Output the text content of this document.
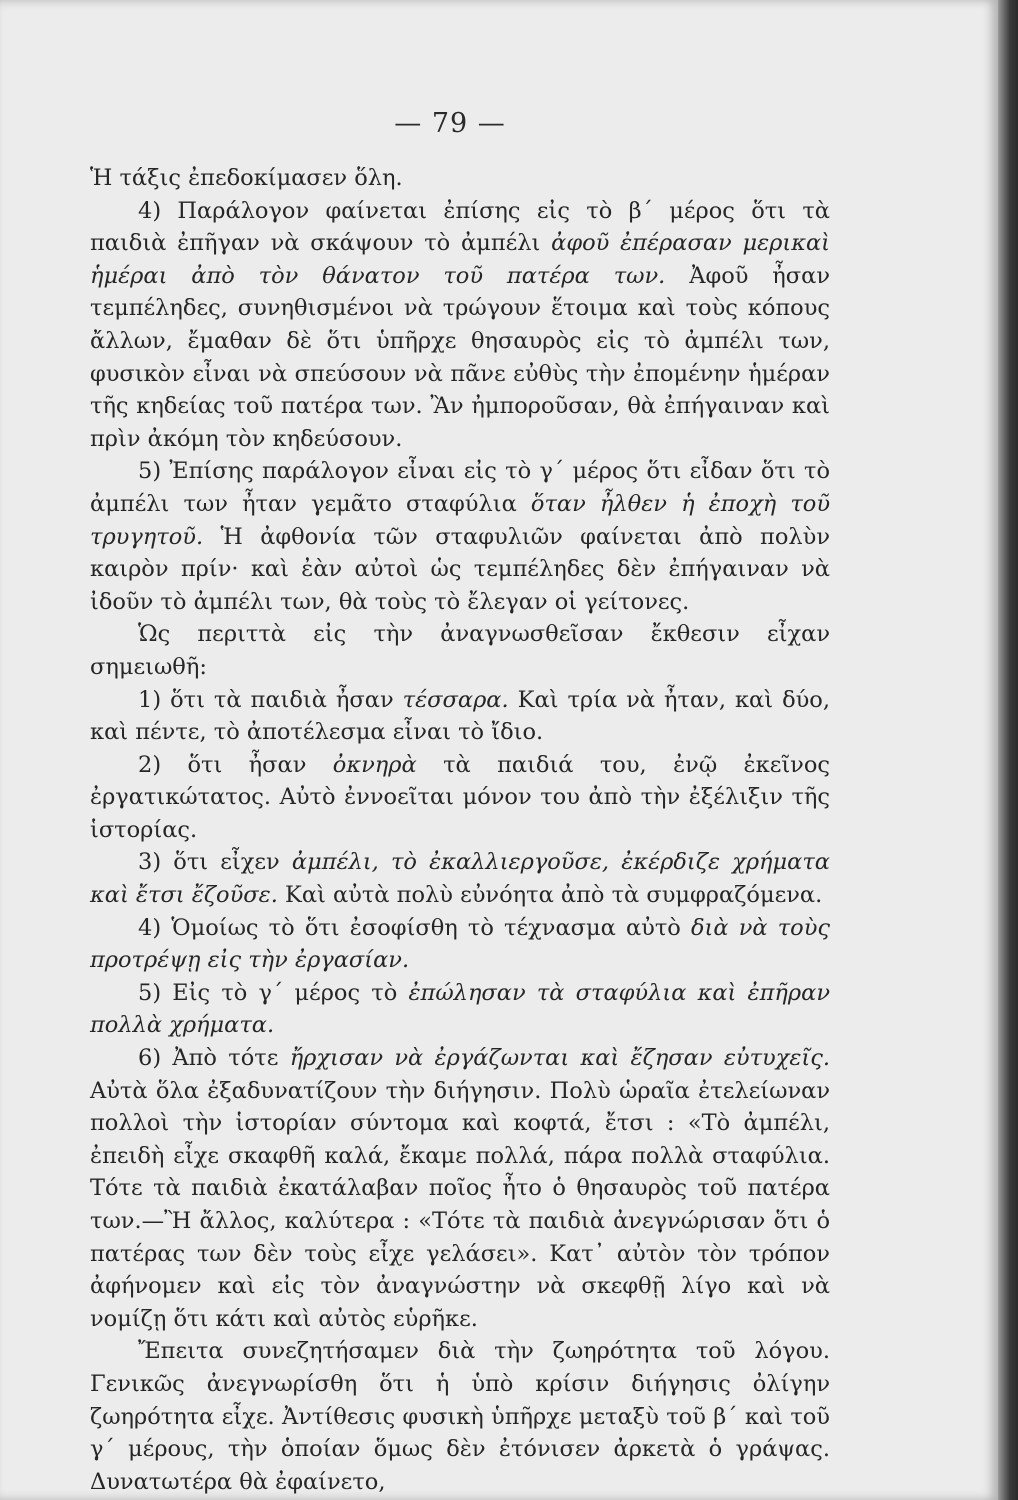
— 79 —

Ἡ τάξις ἐπεδοκίμασεν ὅλη.

4) Παράλογον φαίνεται ἐπίσης εἰς τὸ β΄ μέρος ὅτι τὰ παιδιὰ ἐπῆγαν νὰ σκάψουν τὸ ἀμπέλι ἀφοῦ ἐπέρασαν μερικαὶ ἡμέραι ἀπὸ τὸν θάνατον τοῦ πατέρα των. Ἀφοῦ ἦσαν τεμπέληδες, συνηθισμένοι νὰ τρώγουν ἕτοιμα καὶ τοὺς κόπους ἄλλων, ἔμαθαν δὲ ὅτι ὑπῆρχε θησαυρὸς εἰς τὸ ἀμπέλι των, φυσικὸν εἶναι νὰ σπεύσουν νὰ πᾶνε εὐθὺς τὴν ἐπομένην ἡμέραν τῆς κηδείας τοῦ πατέρα των. Ἂν ἠμποροῦσαν, θὰ ἐπήγαιναν καὶ πρὶν ἀκόμη τὸν κηδεύσουν.

5) Ἐπίσης παράλογον εἶναι εἰς τὸ γ΄ μέρος ὅτι εἶδαν ὅτι τὸ ἀμπέλι των ἦταν γεμᾶτο σταφύλια ὅταν ἦλθεν ἡ ἐποχὴ τοῦ τρυγητοῦ. Ἡ ἀφθονία τῶν σταφυλιῶν φαίνεται ἀπὸ πολὺν καιρὸν πρίν· καὶ ἐὰν αὐτοὶ ὡς τεμπέληδες δὲν ἐπήγαιναν νὰ ἰδοῦν τὸ ἀμπέλι των, θὰ τοὺς τὸ ἔλεγαν οἱ γείτονες.

Ὡς περιττὰ εἰς τὴν ἀναγνωσθεῖσαν ἔκθεσιν εἶχαν σημειωθῆ:

1) ὅτι τὰ παιδιὰ ἦσαν τέσσαρα. Καὶ τρία νὰ ἦταν, καὶ δύο, καὶ πέντε, τὸ ἀποτέλεσμα εἶναι τὸ ἴδιο.

2) ὅτι ἦσαν ὀκνηρὰ τὰ παιδιά του, ἐνῷ ἐκεῖνος ἐργατικώτατος. Αὐτὸ ἐννοεῖται μόνον του ἀπὸ τὴν ἐξέλιξιν τῆς ἱστορίας.

3) ὅτι εἶχεν ἀμπέλι, τὸ ἐκαλλιεργοῦσε, ἐκέρδιζε χρήματα καὶ ἔτσι ἔζοῦσε. Καὶ αὐτὰ πολὺ εὐνόητα ἀπὸ τὰ συμφραζόμενα.

4) Ὁμοίως τὸ ὅτι ἐσοφίσθη τὸ τέχνασμα αὐτὸ διὰ νὰ τοὺς προτρέψῃ εἰς τὴν ἐργασίαν.

5) Εἰς τὸ γ΄ μέρος τὸ ἐπώλησαν τὰ σταφύλια καὶ ἐπῆραν πολλὰ χρήματα.

6) Ἀπὸ τότε ἤρχισαν νὰ ἐργάζωνται καὶ ἔζησαν εὐτυχεῖς. Αὐτὰ ὅλα ἐξαδυνατίζουν τὴν διήγησιν. Πολὺ ὡραῖα ἐτελείωναν πολλοὶ τὴν ἱστορίαν σύντομα καὶ κοφτά, ἔτσι : «Τὸ ἀμπέλι, ἐπειδὴ εἶχε σκαφθῆ καλά, ἔκαμε πολλά, πάρα πολλὰ σταφύλια. Τότε τὰ παιδιὰ ἐκατάλαβαν ποῖος ἦτο ὁ θησαυρὸς τοῦ πατέρα των.—Ἢ ἄλλος, καλύτερα : «Τότε τὰ παιδιὰ ἀνεγνώρισαν ὅτι ὁ πατέρας των δὲν τοὺς εἶχε γελάσει». Κατ᾿ αὐτὸν τὸν τρόπον ἀφήνομεν καὶ εἰς τὸν ἀναγνώστην νὰ σκεφθῇ λίγο καὶ νὰ νομίζῃ ὅτι κάτι καὶ αὐτὸς εὑρῆκε.

Ἔπειτα συνεζητήσαμεν διὰ τὴν ζωηρότητα τοῦ λόγου. Γενικῶς ἀνεγνωρίσθη ὅτι ἡ ὑπὸ κρίσιν διήγησις ὀλίγην ζωηρότητα εἶχε. Ἀντίθεσις φυσικὴ ὑπῆρχε μεταξὺ τοῦ β΄ καὶ τοῦ γ΄ μέρους, τὴν ὁποίαν ὅμως δὲν ἐτόνισεν ἀρκετὰ ὁ γράψας. Δυνατωτέρα θὰ ἐφαίνετο,
